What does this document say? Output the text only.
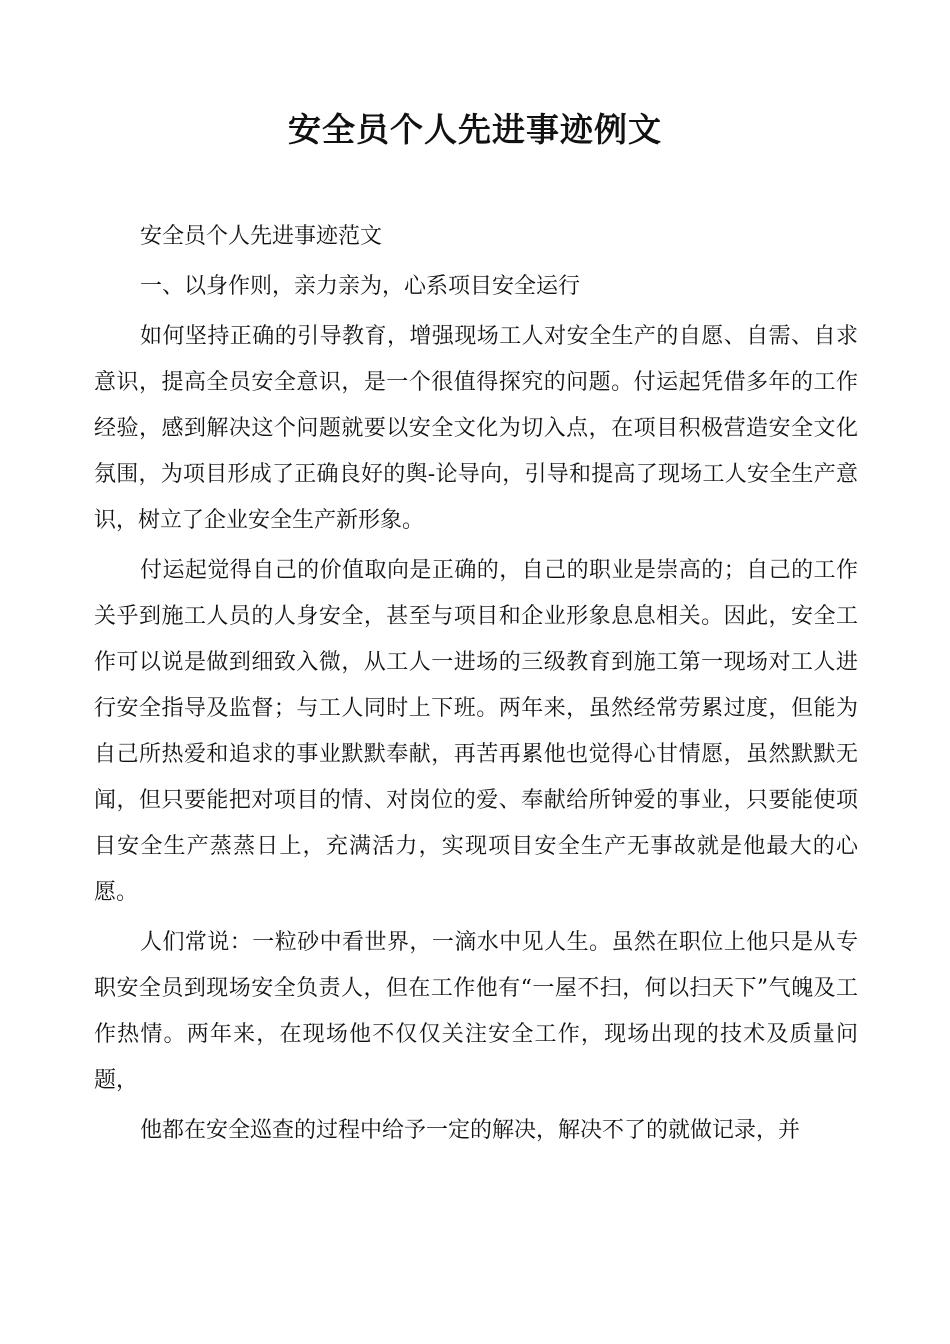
安全员个人先进事迹例文

安全员个人先进事迹范文

一、以身作则，亲力亲为，心系项目安全运行

如何坚持正确的引导教育，增强现场工人对安全生产的自愿、自需、自求意识，提高全员安全意识，是一个很值得探究的问题。付运起凭借多年的工作经验，感到解决这个问题就要以安全文化为切入点，在项目积极营造安全文化氛围，为项目形成了正确良好的舆-论导向，引导和提高了现场工人安全生产意识，树立了企业安全生产新形象。

付运起觉得自己的价值取向是正确的，自己的职业是崇高的；自己的工作关乎到施工人员的人身安全，甚至与项目和企业形象息息相关。因此，安全工作可以说是做到细致入微，从工人一进场的三级教育到施工第一现场对工人进行安全指导及监督；与工人同时上下班。两年来，虽然经常劳累过度，但能为自己所热爱和追求的事业默默奉献，再苦再累他也觉得心甘情愿，虽然默默无闻，但只要能把对项目的情、对岗位的爱、奉献给所钟爱的事业，只要能使项目安全生产蒸蒸日上，充满活力，实现项目安全生产无事故就是他最大的心愿。

人们常说：一粒砂中看世界，一滴水中见人生。虽然在职位上他只是从专职安全员到现场安全负责人，但在工作他有“一屋不扫，何以扫天下”气魄及工作热情。两年来，在现场他不仅仅关注安全工作，现场出现的技术及质量问题，

他都在安全巡查的过程中给予一定的解决，解决不了的就做记录，并
